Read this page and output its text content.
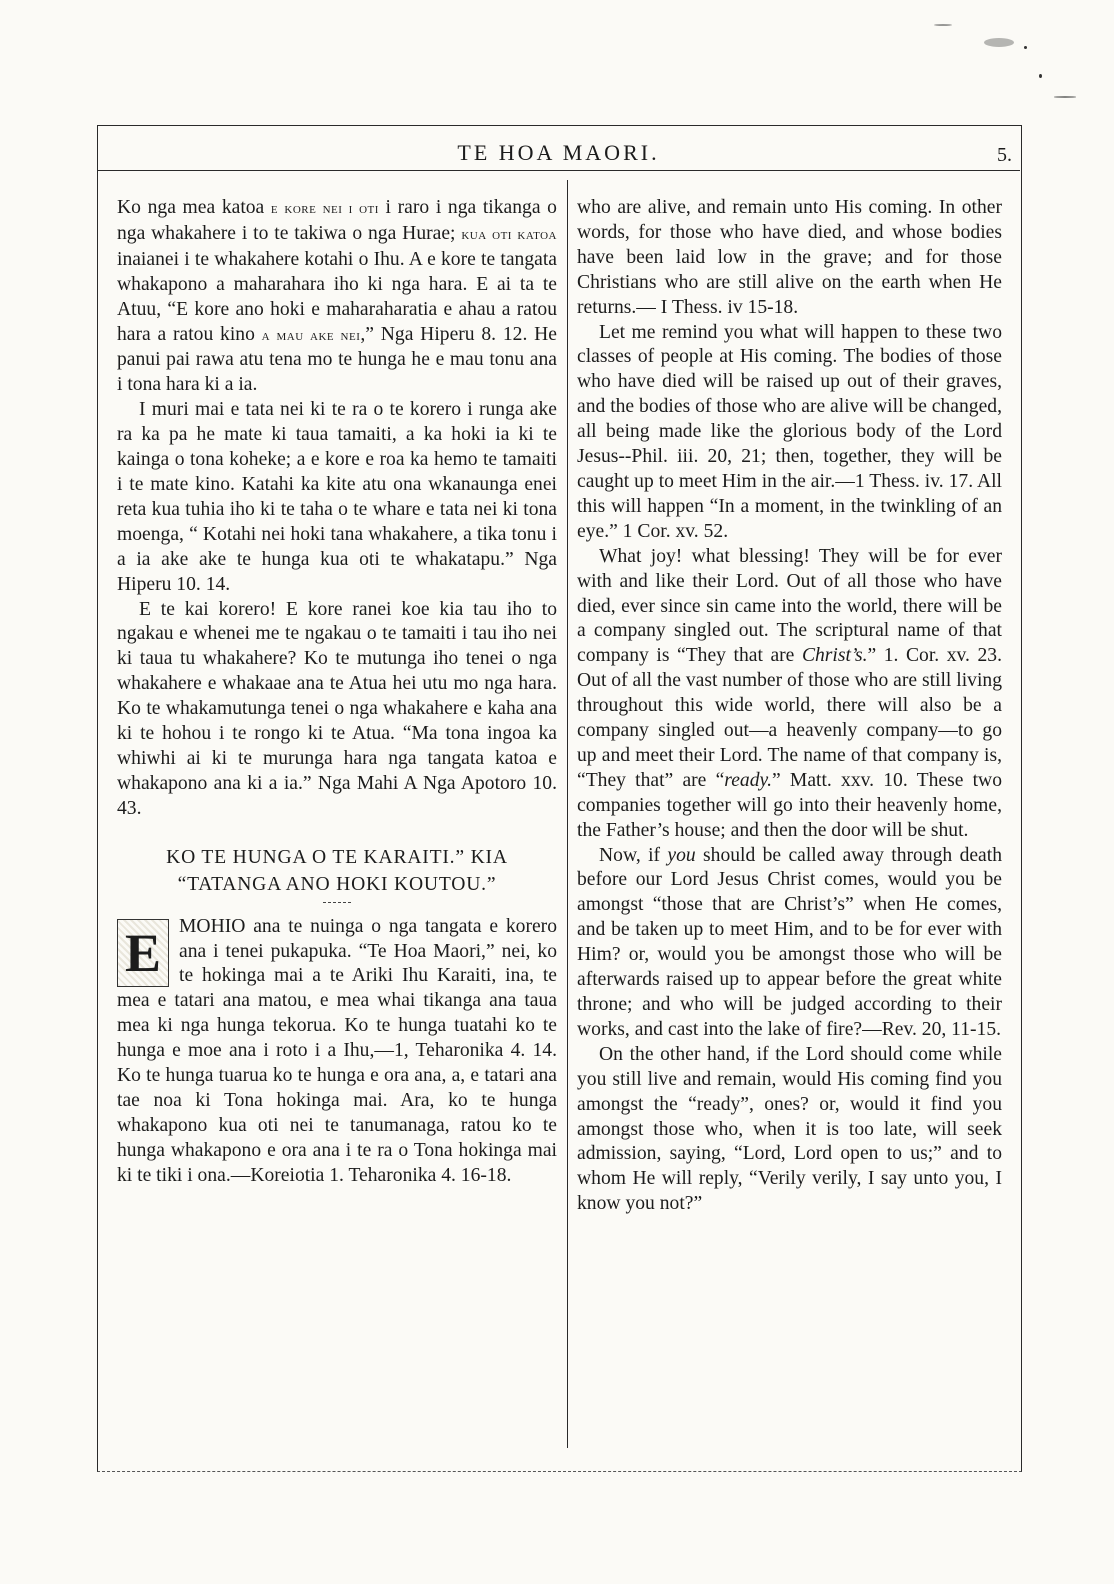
TE HOA MAORI.	5.

Ko nga mea katoa e kore nei i oti i raro i nga tikanga o nga whakahere i to te takiwa o nga Hurae; kua oti katoa inaianei i te whakahere kotahi o Ihu. A e kore te tangata whakapono a maharahara iho ki nga hara. E ai ta te Atuu, “E kore ano hoki e maharaharatia e ahau a ratou hara a ratou kino a mau ake nei,” Nga Hiperu 8. 12. He panui pai rawa atu tena mo te hunga he e mau tonu ana i tona hara ki a ia.

I muri mai e tata nei ki te ra o te korero i runga ake ra ka pa he mate ki taua tamaiti, a ka hoki ia ki te kainga o tona koheke; a e kore e roa ka hemo te tamaiti i te mate kino. Katahi ka kite atu ona wkanaunga enei reta kua tuhia iho ki te taha o te whare e tata nei ki tona moenga, “ Kotahi nei hoki tana whakahere, a tika tonu i a ia ake ake te hunga kua oti te whakatapu.” Nga Hiperu 10. 14.

E te kai korero! E kore ranei koe kia tau iho to ngakau e whenei me te ngakau o te tamaiti i tau iho nei ki taua tu whakahere? Ko te mutunga iho tenei o nga whakahere e whakaae ana te Atua hei utu mo nga hara. Ko te whakamutunga tenei o nga whakahere e kaha ana ki te hohou i te rongo ki te Atua. “Ma tona ingoa ka whiwhi ai ki te murunga hara nga tangata katoa e whakapono ana ki a ia.” Nga Mahi A Nga Apotoro 10. 43.

KO TE HUNGA O TE KARAITI.” KIA
“TATANGA ANO HOKI KOUTOU.”

E MOHIO ana te nuinga o nga tangata e korero ana i tenei pukapuka. “Te Hoa Maori,” nei, ko te hokinga mai a te Ariki Ihu Karaiti, ina, te mea e tatari ana matou, e mea whai tikanga ana taua mea ki nga hunga tekorua. Ko te hunga tuatahi ko te hunga e moe ana i roto i a Ihu,—1, Teharonika 4. 14. Ko te hunga tuarua ko te hunga e ora ana, a, e tatari ana tae noa ki Tona hokinga mai. Ara, ko te hunga whakapono kua oti nei te tanumanaga, ratou ko te hunga whakapono e ora ana i te ra o Tona hokinga mai ki te tiki i ona.—Koreiotia 1. Teharonika 4. 16-18.

who are alive, and remain unto His coming. In other words, for those who have died, and whose bodies have been laid low in the grave; and for those Christians who are still alive on the earth when He returns.— I Thess. iv 15-18.

Let me remind you what will happen to these two classes of people at His coming. The bodies of those who have died will be raised up out of their graves, and the bodies of those who are alive will be changed, all being made like the glorious body of the Lord Jesus--Phil. iii. 20, 21; then, together, they will be caught up to meet Him in the air.—1 Thess. iv. 17. All this will happen “In a moment, in the twinkling of an eye.” 1 Cor. xv. 52.

What joy! what blessing! They will be for ever with and like their Lord. Out of all those who have died, ever since sin came into the world, there will be a company singled out. The scriptural name of that company is “They that are Christ’s.” 1. Cor. xv. 23. Out of all the vast number of those who are still living throughout this wide world, there will also be a company singled out—a heavenly company—to go up and meet their Lord. The name of that company is, “They that” are “ready.” Matt. xxv. 10. These two companies together will go into their heavenly home, the Father’s house; and then the door will be shut.

Now, if you should be called away through death before our Lord Jesus Christ comes, would you be amongst “those that are Christ’s” when He comes, and be taken up to meet Him, and to be for ever with Him? or, would you be amongst those who will be afterwards raised up to appear before the great white throne; and who will be judged according to their works, and cast into the lake of fire?—Rev. 20, 11-15.

On the other hand, if the Lord should come while you still live and remain, would His coming find you amongst the “ready”, ones? or, would it find you amongst those who, when it is too late, will seek admission, saying, “Lord, Lord open to us;” and to whom He will reply, “Verily verily, I say unto you, I know you not?”
